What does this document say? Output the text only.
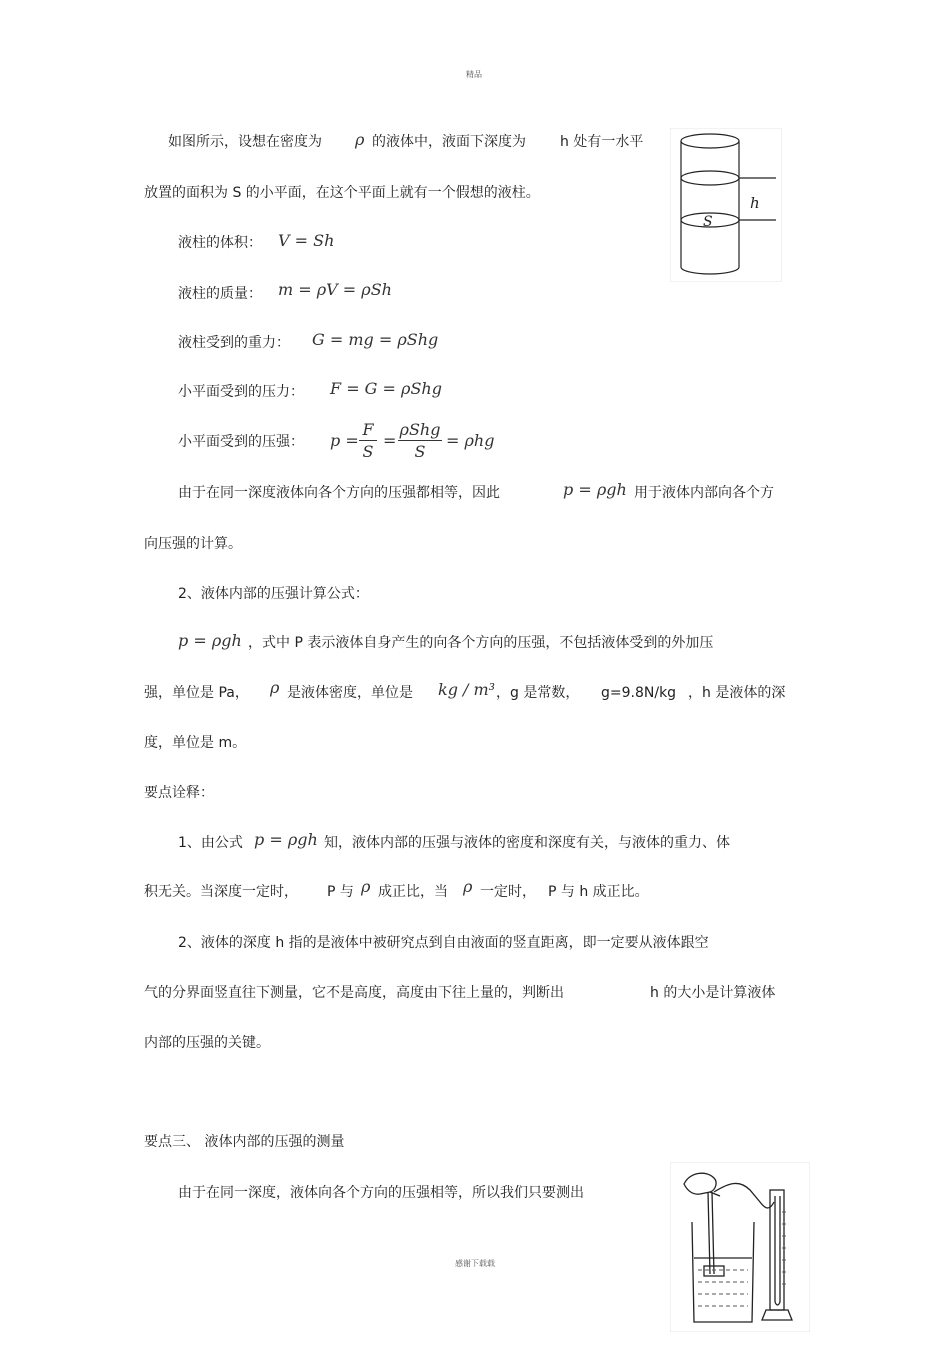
精品
感谢下载载
如图所示，设想在密度为 ρ 的液体中，液面下深度为 h 处有一水平
放置的面积为 S 的小平面，在这个平面上就有一个假想的液柱。
液柱的体积： V = Sh
液柱的质量： m = ρV = ρSh
液柱受到的重力： G = mg = ρShg
小平面受到的压力： F = G = ρShg
小平面受到的压强： p =
F
S
=
ρShg
S
= ρhg
由于在同一深度液体向各个方向的压强都相等，因此	p = ρgh 用于液体内部向各个方
向压强的计算。
2、液体内部的压强计算公式：
p = ρgh ，式中 P 表示液体自身产生的向各个方向的压强，不包括液体受到的外加压
强，单位是 Pa， ρ 是液体密度，单位是 kg / m³ ，g 是常数， g=9.8N/kg ，h 是液体的深
度，单位是 m。
要点诠释：
1、由公式 p = ρgh 知，液体内部的压强与液体的密度和深度有关，与液体的重力、体
积无关。当深度一定时， P 与 ρ 成正比，当 ρ 一定时， P 与 h 成正比。
2、液体的深度 h 指的是液体中被研究点到自由液面的竖直距离，即一定要从液体跟空
气的分界面竖直往下测量，它不是高度，高度由下往上量的，判断出	h 的大小是计算液体
内部的压强的关键。
要点三、 液体内部的压强的测量
由于在同一深度，液体向各个方向的压强相等，所以我们只要测出
S
h
